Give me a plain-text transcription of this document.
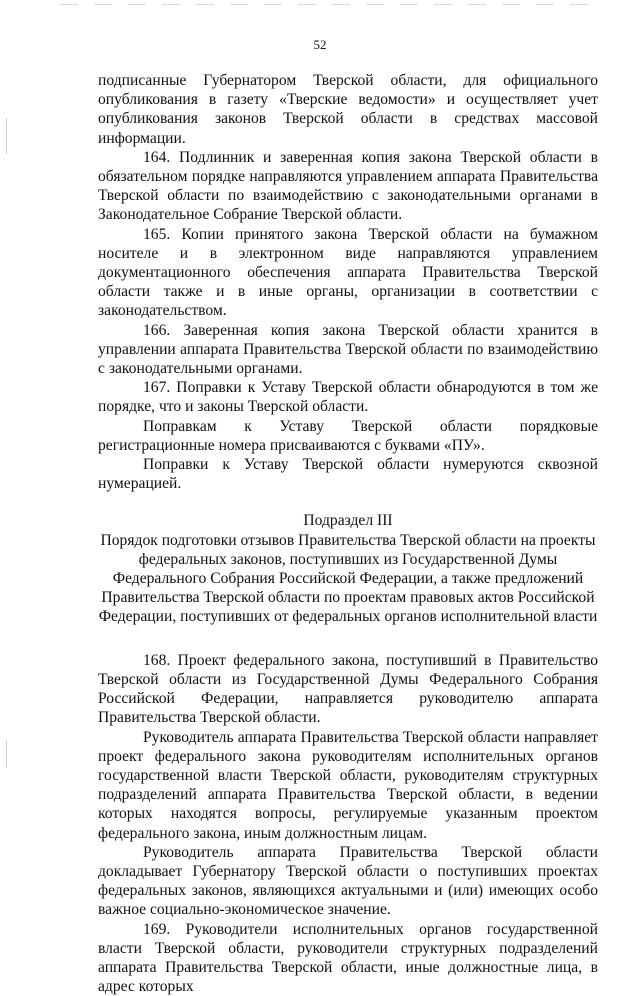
52

подписанные Губернатором Тверской области, для официального опубликования в газету «Тверские ведомости» и осуществляет учет опубликования законов Тверской области в средствах массовой информации.

164. Подлинник и заверенная копия закона Тверской области в обязательном порядке направляются управлением аппарата Правительства Тверской области по взаимодействию с законодательными органами в Законодательное Собрание Тверской области.

165. Копии принятого закона Тверской области на бумажном носителе и в электронном виде направляются управлением документационного обеспечения аппарата Правительства Тверской области также и в иные органы, организации в соответствии с законодательством.

166. Заверенная копия закона Тверской области хранится в управлении аппарата Правительства Тверской области по взаимодействию с законодательными органами.

167. Поправки к Уставу Тверской области обнародуются в том же порядке, что и законы Тверской области.

Поправкам к Уставу Тверской области порядковые регистрационные номера присваиваются с буквами «ПУ».

Поправки к Уставу Тверской области нумеруются сквозной нумерацией.

Подраздел III
Порядок подготовки отзывов Правительства Тверской области на проекты федеральных законов, поступивших из Государственной Думы Федерального Собрания Российской Федерации, а также предложений Правительства Тверской области по проектам правовых актов Российской Федерации, поступивших от федеральных органов исполнительной власти

168. Проект федерального закона, поступивший в Правительство Тверской области из Государственной Думы Федерального Собрания Российской Федерации, направляется руководителю аппарата Правительства Тверской области.

Руководитель аппарата Правительства Тверской области направляет проект федерального закона руководителям исполнительных органов государственной власти Тверской области, руководителям структурных подразделений аппарата Правительства Тверской области, в ведении которых находятся вопросы, регулируемые указанным проектом федерального закона, иным должностным лицам.

Руководитель аппарата Правительства Тверской области докладывает Губернатору Тверской области о поступивших проектах федеральных законов, являющихся актуальными и (или) имеющих особо важное социально-экономическое значение.

169. Руководители исполнительных органов государственной власти Тверской области, руководители структурных подразделений аппарата Правительства Тверской области, иные должностные лица, в адрес которых
